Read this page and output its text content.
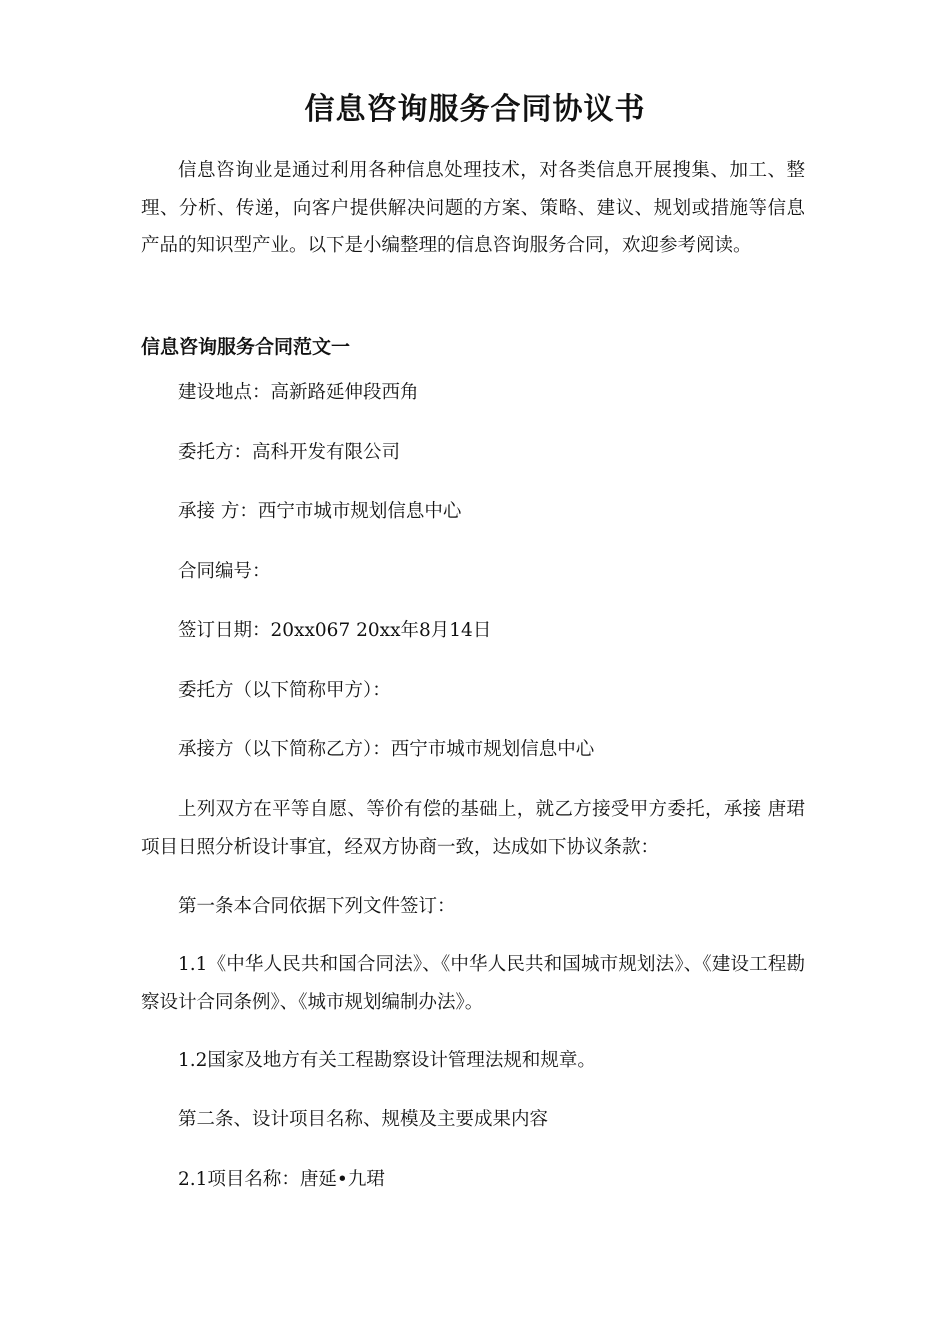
信息咨询服务合同协议书

信息咨询业是通过利用各种信息处理技术，对各类信息开展搜集、加工、整理、分析、传递，向客户提供解决问题的方案、策略、建议、规划或措施等信息产品的知识型产业。以下是小编整理的信息咨询服务合同，欢迎参考阅读。

信息咨询服务合同范文一

建设地点：高新路延伸段西角

委托方：高科开发有限公司

承接 方：西宁市城市规划信息中心

合同编号：

签订日期：20xx067 20xx年8月14日

委托方（以下简称甲方）：

承接方（以下简称乙方）：西宁市城市规划信息中心

上列双方在平等自愿、等价有偿的基础上，就乙方接受甲方委托，承接 唐珺项目日照分析设计事宜，经双方协商一致，达成如下协议条款：

第一条本合同依据下列文件签订：

1.1《中华人民共和国合同法》、《中华人民共和国城市规划法》、《建设工程勘察设计合同条例》、《城市规划编制办法》。

1.2国家及地方有关工程勘察设计管理法规和规章。

第二条、设计项目名称、规模及主要成果内容

2.1项目名称：唐延•九珺
